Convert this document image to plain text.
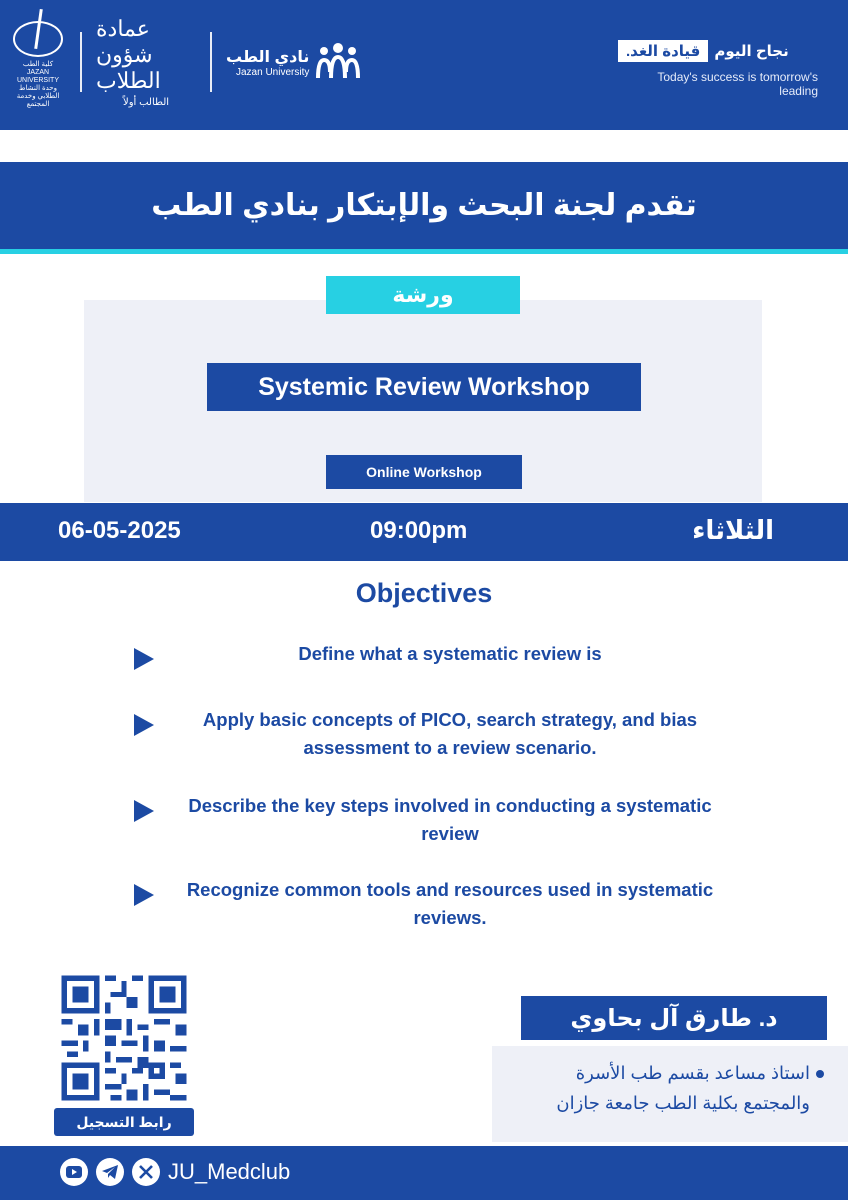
كلية الطب
JAZAN UNIVERSITY
وحدة النشاط الطلابي وخدمة المجتمع
عمادة شؤون الطلاب
الطالب أولاً
نادي الطب
Jazan University
نجاح اليوم
قيادة الغد.
Today's success is tomorrow's leading
تقدم لجنة البحث والإبتكار بنادي الطب
ورشة
Systemic Review Workshop
Online Workshop
06-05-2025	09:00pm	الثلاثاء
Objectives
Define what a systematic review is
Apply basic concepts of PICO, search strategy, and bias assessment to a review scenario.
Describe the key steps involved in conducting a systematic review
Recognize common tools and resources used in systematic reviews.
رابط التسجيل
د. طارق آل بحاوي
استاذ مساعد بقسم طب الأسرة والمجتمع بكلية الطب جامعة جازان
JU_Medclub
